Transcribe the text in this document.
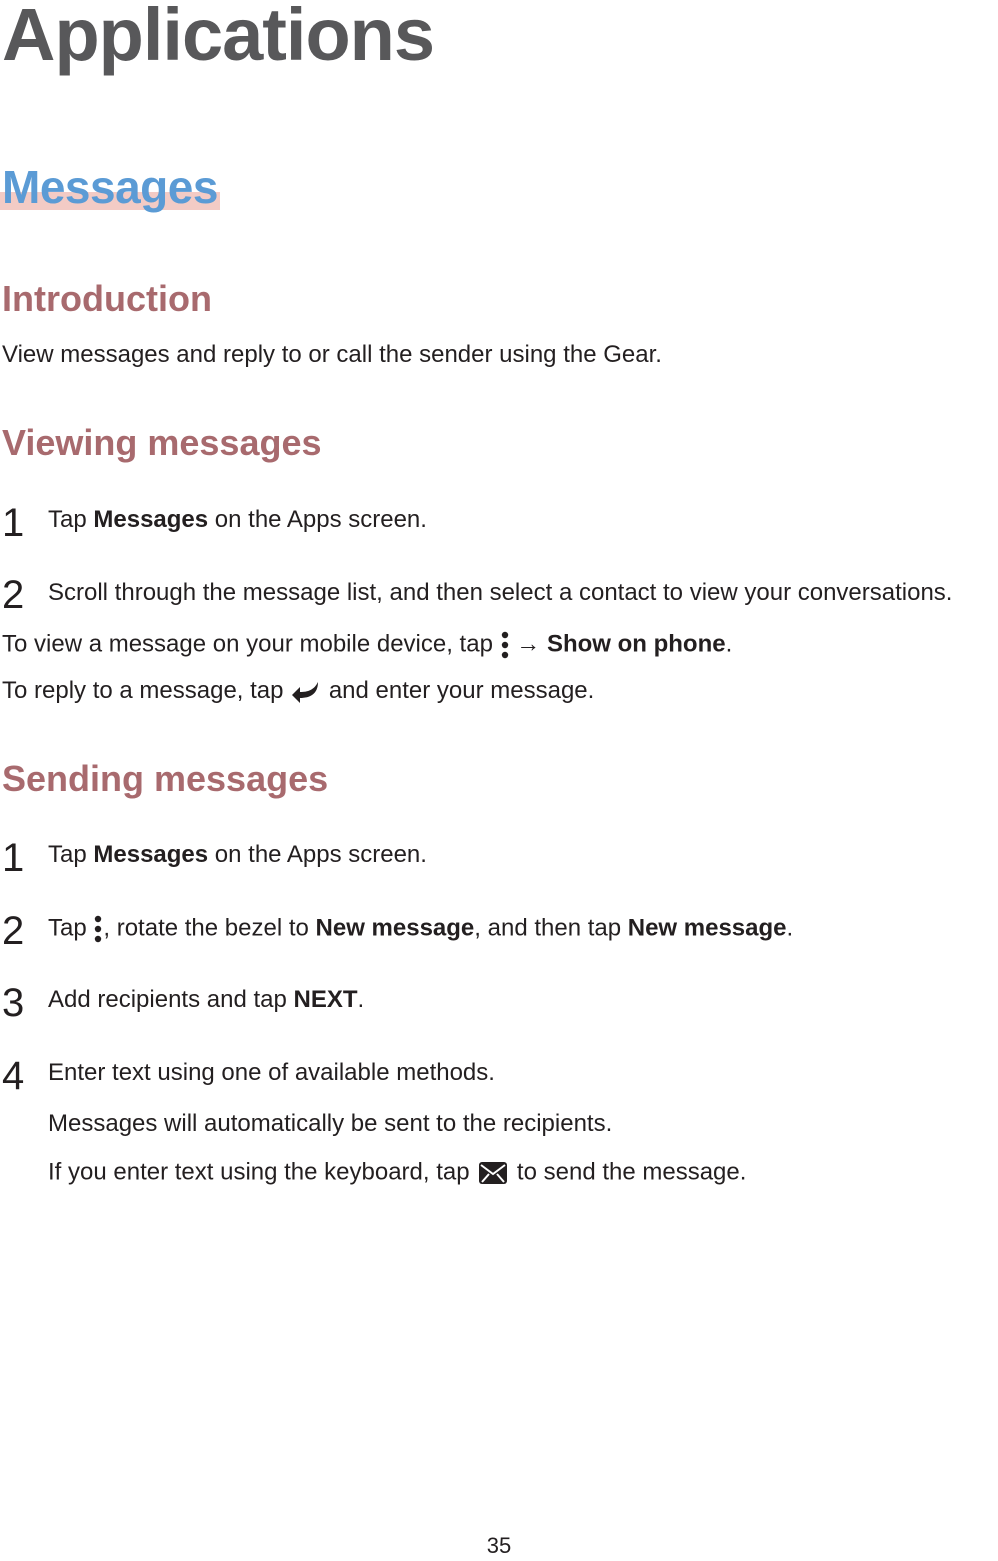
Applications
Messages
Introduction
View messages and reply to or call the sender using the Gear.
Viewing messages
1 Tap Messages on the Apps screen.
2 Scroll through the message list, and then select a contact to view your conversations.
To view a message on your mobile device, tap  → Show on phone.
To reply to a message, tap  and enter your message.
Sending messages
1 Tap Messages on the Apps screen.
2 Tap , rotate the bezel to New message, and then tap New message.
3 Add recipients and tap NEXT.
4 Enter text using one of available methods.
Messages will automatically be sent to the recipients.
If you enter text using the keyboard, tap  to send the message.
35
